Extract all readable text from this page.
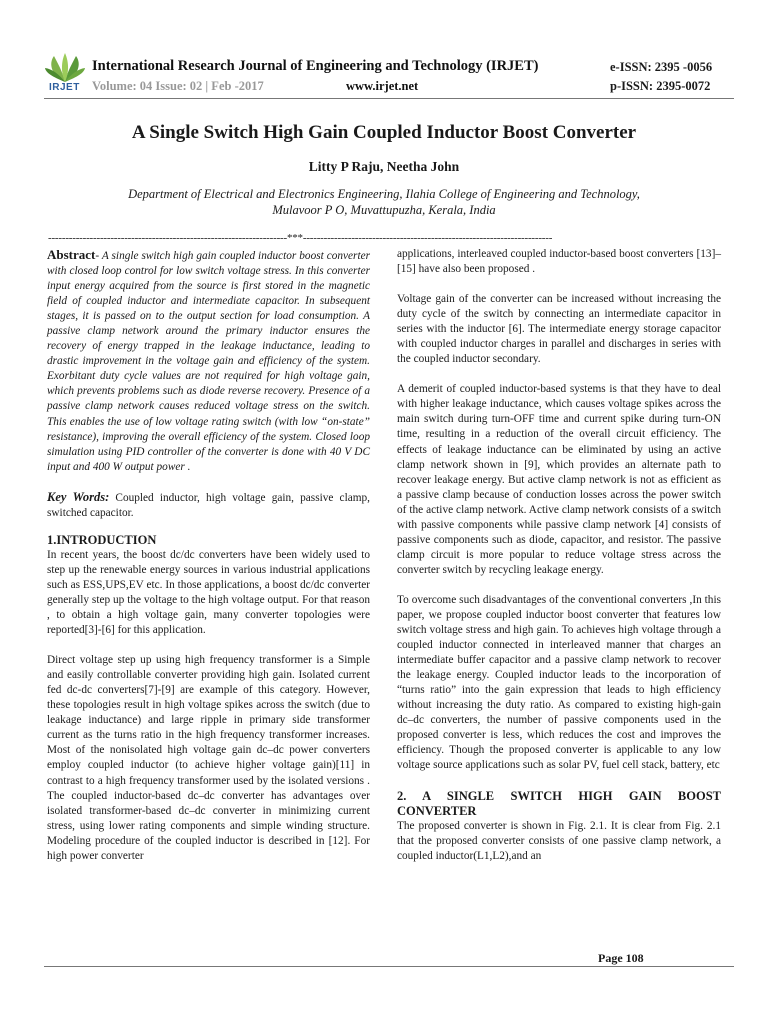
IRJET
International Research Journal of Engineering and Technology (IRJET)
Volume: 04 Issue: 02 | Feb -2017	www.irjet.net
e-ISSN: 2395 -0056
p-ISSN: 2395-0072
A Single Switch High Gain Coupled Inductor Boost Converter
Litty P Raju, Neetha John
Department of Electrical and Electronics Engineering, Ilahia College of Engineering and Technology,
Mulavoor P O, Muvattupuzha, Kerala, India
---------------------------------------------------------------------***------------------------------------------------------------------------

Abstract- A single switch high gain coupled inductor boost converter with closed loop control for low switch voltage stress. In this converter input energy acquired from the source is first stored in the magnetic field of coupled inductor and intermediate capacitor. In subsequent stages, it is passed on to the output section for load consumption. A passive clamp network around the primary inductor ensures the recovery of energy trapped in the leakage inductance, leading to drastic improvement in the voltage gain and efficiency of the system. Exorbitant duty cycle values are not required for high voltage gain, which prevents problems such as diode reverse recovery. Presence of a passive clamp network causes reduced voltage stress on the switch. This enables the use of low voltage rating switch (with low “on-state” resistance), improving the overall efficiency of the system. Closed loop simulation using PID controller of the converter is done with 40 V DC input and 400 W output power .

Key Words: Coupled inductor, high voltage gain, passive clamp, switched capacitor.

1.INTRODUCTION

In recent years, the boost dc/dc converters have been widely used to step up the renewable energy sources in various industrial applications such as ESS,UPS,EV etc. In those applications, a boost dc/dc converter generally step up the voltage to the high voltage output. For that reason , to obtain a high voltage gain, many converter topologies were reported[3]-[6] for this application.

Direct voltage step up using high frequency transformer is a Simple and easily controllable converter providing high gain. Isolated current fed dc-dc converters[7]-[9] are example of this category. However, these topologies result in high voltage spikes across the switch (due to leakage inductance) and large ripple in primary side transformer current as the turns ratio in the high frequency transformer increases. Most of the nonisolated high voltage gain dc–dc power converters employ coupled inductor (to achieve higher voltage gain)[11] in contrast to a high frequency transformer used by the isolated versions . The coupled inductor-based dc–dc converter has advantages over isolated transformer-based dc–dc converter in minimizing current stress, using lower rating components and simple winding structure. Modeling procedure of the coupled inductor is described in [12]. For high power converter

applications, interleaved coupled inductor-based boost converters [13]–[15] have also been proposed .

Voltage gain of the converter can be increased without increasing the duty cycle of the switch by connecting an intermediate capacitor in series with the inductor [6]. The intermediate energy storage capacitor with coupled inductor charges in parallel and discharges in series with the coupled inductor secondary.

A demerit of coupled inductor-based systems is that they have to deal with higher leakage inductance, which causes voltage spikes across the main switch during turn-OFF time and current spike during turn-ON time, resulting in a reduction of the overall circuit efficiency. The effects of leakage inductance can be eliminated by using an active clamp network shown in [9], which provides an alternate path to recover leakage energy. But active clamp network is not as efficient as a passive clamp because of conduction losses across the power switch of the active clamp network. Active clamp network consists of a switch with passive components while passive clamp network [4] consists of passive components such as diode, capacitor, and resistor. The passive clamp circuit is more popular to reduce voltage stress across the converter switch by recycling leakage energy.

To overcome such disadvantages of the conventional converters ,In this paper, we propose coupled inductor boost converter that features low switch voltage stress and high gain. To achieves high voltage through a coupled inductor connected in interleaved manner that charges an intermediate buffer capacitor and a passive clamp network to recover the leakage energy. Coupled inductor leads to the incorporation of “turns ratio” into the gain expression that leads to high efficiency without increasing the duty ratio. As compared to existing high-gain dc–dc converters, the number of passive components used in the proposed converter is less, which reduces the cost and improves the efficiency. Though the proposed converter is applicable to any low voltage source applications such as solar PV, fuel cell stack, battery, etc

2. A SINGLE SWITCH HIGH GAIN BOOST CONVERTER

The proposed converter is shown in Fig. 2.1. It is clear from Fig. 2.1 that the proposed converter consists of one passive clamp network, a coupled inductor(L1,L2),and an

Page 108
